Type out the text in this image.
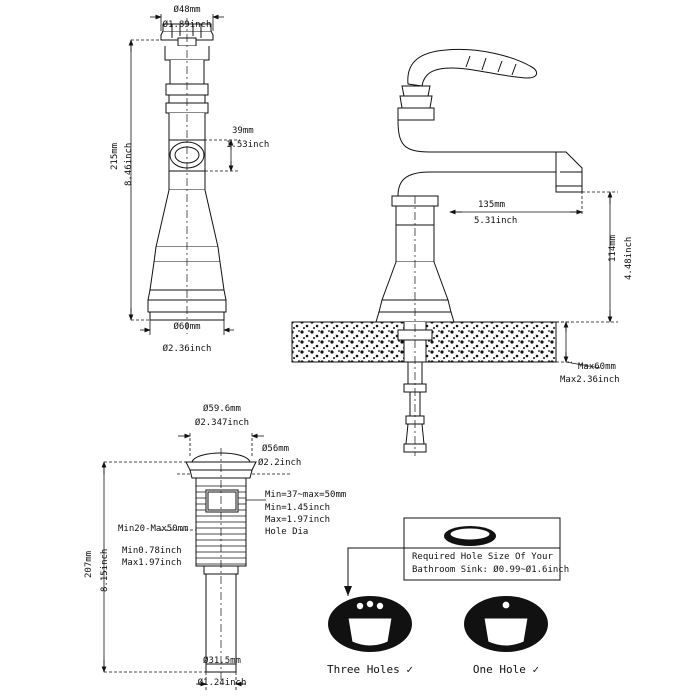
Ø48mm
Ø1.89inch
39mm
1.53inch
215mm 8.46inch
Ø60mm
Ø2.36inch
135mm
5.31inch
114mm 4.48inch
Max60mm
Max2.36inch
Ø59.6mm
Ø2.347inch
Ø56mm
Ø2.2inch
207mm 8.15inch
Min20-Max50mm
Min0.78inch
Max1.97inch
Min=37~max=50mm
Min=1.45inch
Max=1.97inch
Hole Dia
Ø31.5mm
Ø1.24inch
Required Hole Size Of Your
Bathroom Sink: Ø0.99~Ø1.6inch
Three Holes ✓	One Hole ✓
